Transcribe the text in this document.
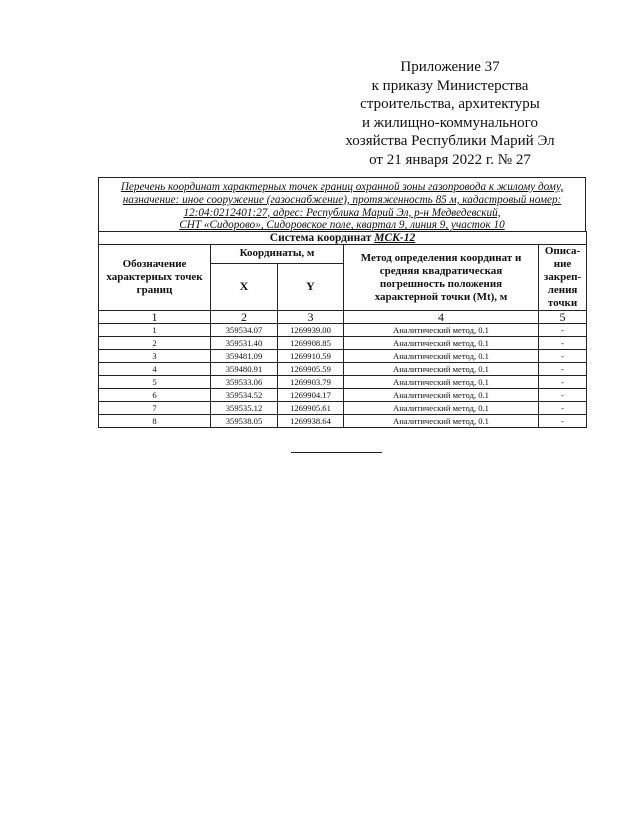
Приложение 37
к приказу Министерства
строительства, архитектуры
и жилищно-коммунального
хозяйства Республики Марий Эл
от 21 января 2022 г. № 27
Перечень координат характерных точек границ охранной зоны газопровода к жилому дому,
назначение: иное сооружение (газоснабжение), протяженность 85 м, кадастровый номер:
12:04:0212401:27, адрес: Республика Марий Эл, р-н Медведевский,
СНТ «Сидорово», Сидоровское поле, квартал 9, линия 9, участок 10
Система координат МСК-12				
Обозначение характерных точек границ	Координаты, м		Метод определения координат и средняя квадратическая погрешность положения характерной точки (Mt), м	Описа-ние закреп-ления точки
	X	Y		
1	2	3	4	5
1	359534.07	1269939.00	Аналитический метод, 0.1	-
2	359531.40	1269908.85	Аналитический метод, 0.1	-
3	359481.09	1269910.59	Аналитический метод, 0.1	-
4	359480.91	1269905.59	Аналитический метод, 0.1	-
5	359533.06	1269903.79	Аналитический метод, 0.1	-
6	359534.52	1269904.17	Аналитический метод, 0.1	-
7	359535.12	1269905.61	Аналитический метод, 0.1	-
8	359538.05	1269938.64	Аналитический метод, 0.1	-
